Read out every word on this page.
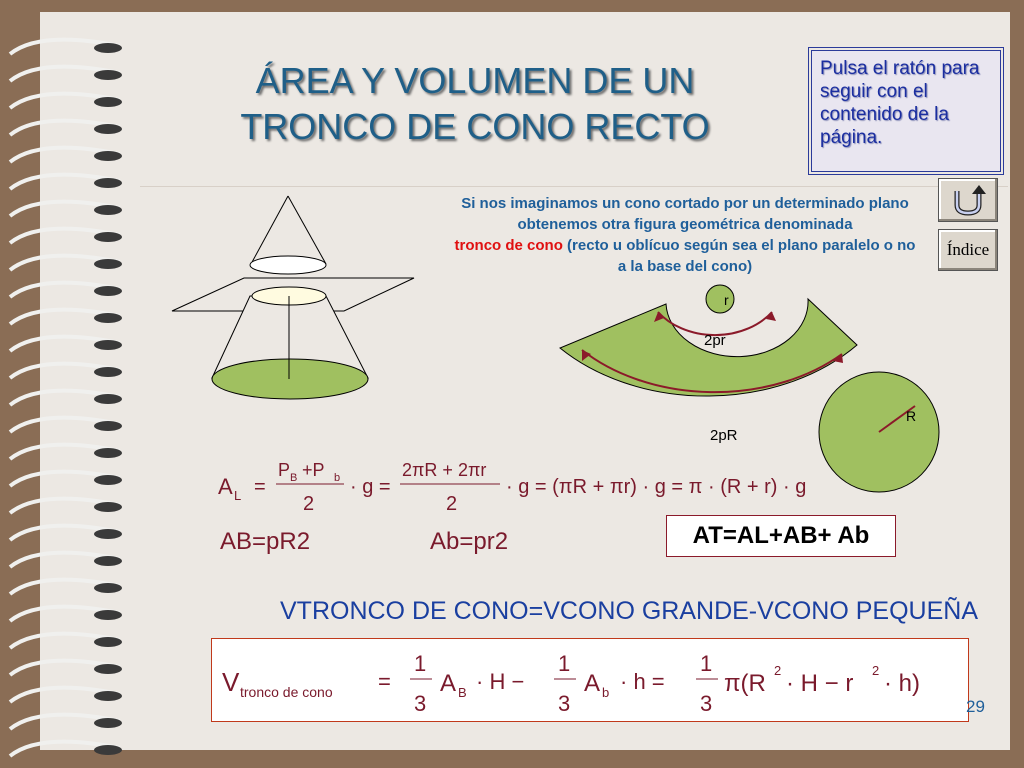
ÁREA Y VOLUMEN DE UN
TRONCO DE CONO RECTO
Pulsa el ratón para seguir con el contenido de la página.
Índice
Si nos imaginamos un cono cortado por un determinado plano obtenemos otra figura geométrica denominada
tronco de cono (recto u oblícuo según sea el plano paralelo o no a la base del cono)
r
2pr
2pR
R
A L =
P B +P b
2
· g =
2πR + 2πr
2
· g = (πR + πr) · g = π · (R + r) · g
AB=pR2	Ab=pr2	AT=AL+AB+ Ab
VTRONCO DE CONO=VCONO GRANDE-VCONO PEQUEÑA
V tronco de cono =
1
3
A B · H −
1
3
A b · h =
1
3
π(R 2 · H − r 2 · h)
29
